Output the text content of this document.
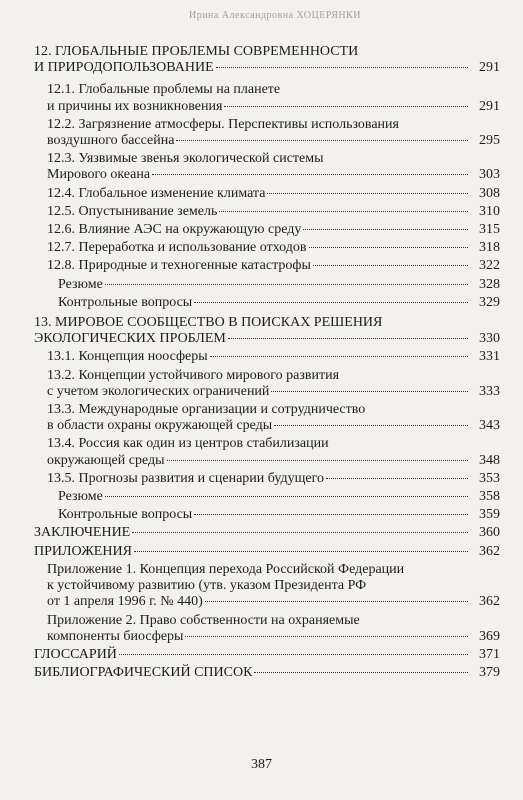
Ирина Александровна ХОЦЕРЯНКИ
12. ГЛОБАЛЬНЫЕ ПРОБЛЕМЫ СОВРЕМЕННОСТИ
И ПРИРОДОПОЛЬЗОВАНИЕ	291
12.1. Глобальные проблемы на планете
и причины их возникновения	291
12.2. Загрязнение атмосферы. Перспективы использования
воздушного бассейна	295
12.3. Уязвимые звенья экологической системы
Мирового океана	303
12.4. Глобальное изменение климата	308
12.5. Опустынивание земель	310
12.6. Влияние АЭС на окружающую среду	315
12.7. Переработка и использование отходов	318
12.8. Природные и техногенные катастрофы	322
Резюме	328
Контрольные вопросы	329
13. МИРОВОЕ СООБЩЕСТВО В ПОИСКАХ РЕШЕНИЯ
ЭКОЛОГИЧЕСКИХ ПРОБЛЕМ	330
13.1. Концепция ноосферы	331
13.2. Концепции устойчивого мирового развития
с учетом экологических ограничений	333
13.3. Международные организации и сотрудничество
в области охраны окружающей среды	343
13.4. Россия как один из центров стабилизации
окружающей среды	348
13.5. Прогнозы развития и сценарии будущего	353
Резюме	358
Контрольные вопросы	359
ЗАКЛЮЧЕНИЕ	360
ПРИЛОЖЕНИЯ	362
Приложение 1. Концепция перехода Российской Федерации
к устойчивому развитию (утв. указом Президента РФ
от 1 апреля 1996 г. № 440)	362
Приложение 2. Право собственности на охраняемые
компоненты биосферы	369
ГЛОССАРИЙ	371
БИБЛИОГРАФИЧЕСКИЙ СПИСОК	379
387
